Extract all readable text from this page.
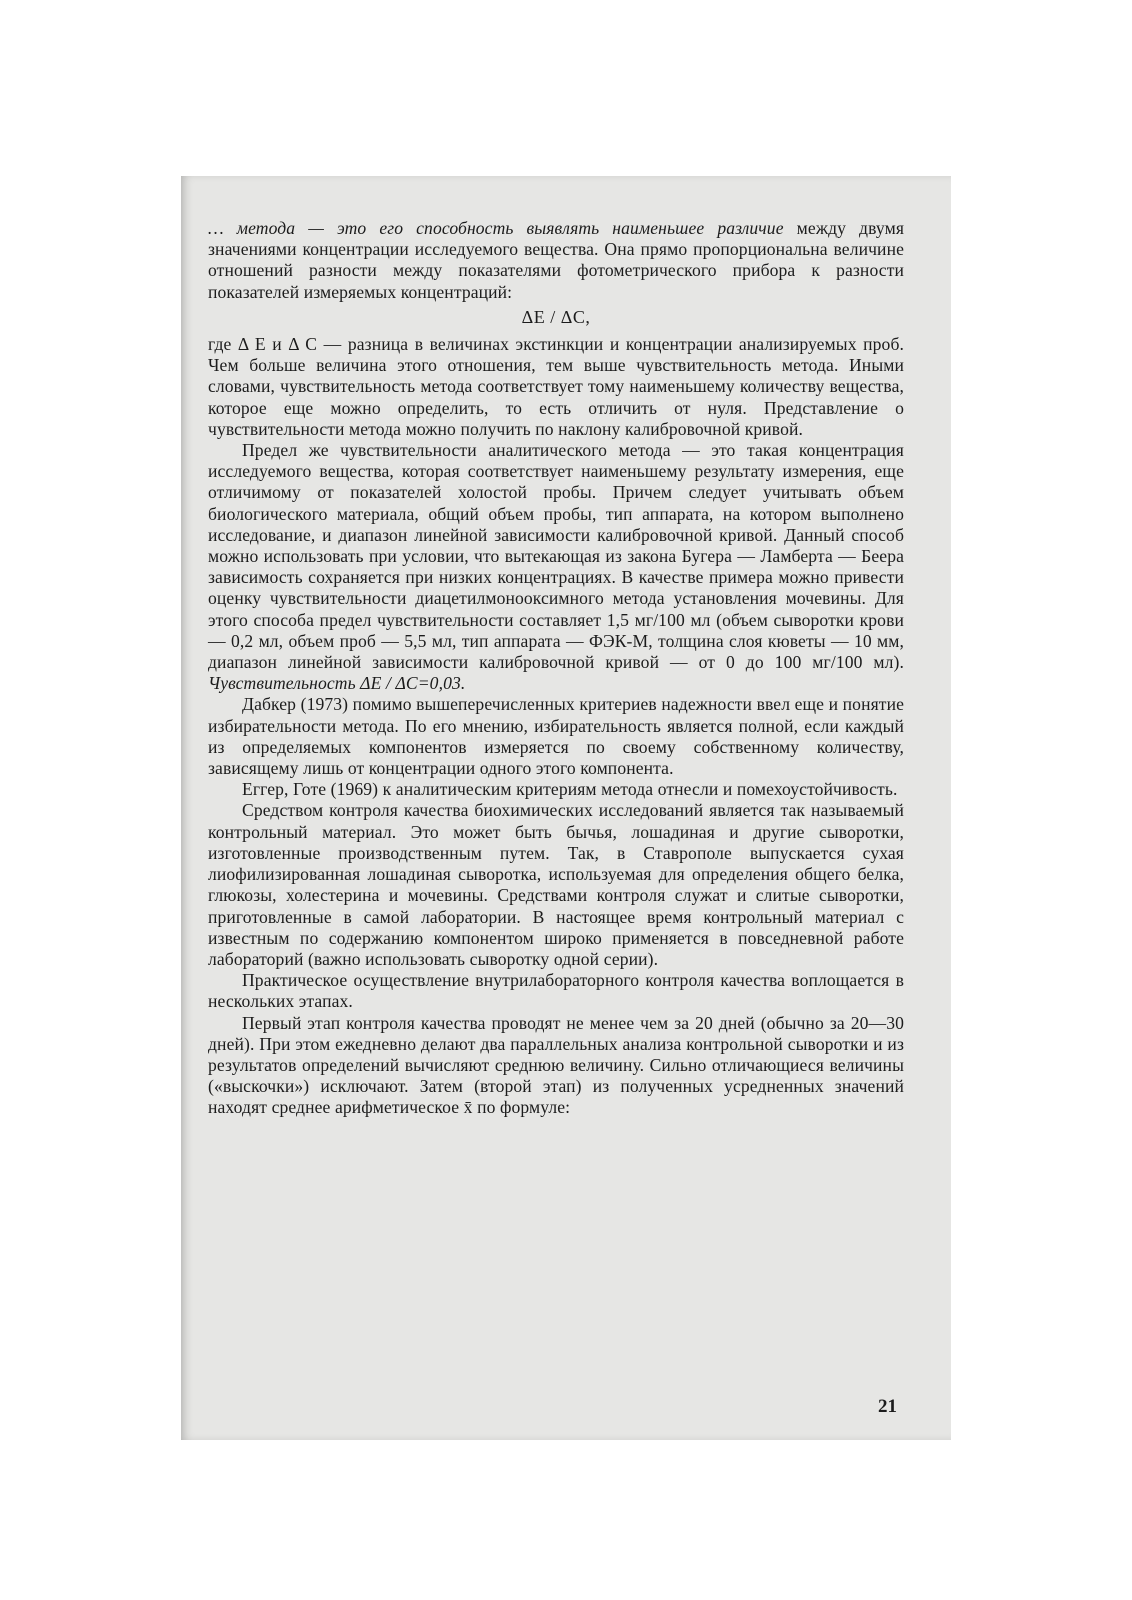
… метода — это его способность выявлять наименьшее различие между двумя значениями концентрации исследуемого вещества. Она прямо пропорциональна величине отношений разности между показателями фотометрического прибора к разности показателей измеряемых концентраций:

ΔE / ΔC,

где Δ E и Δ C — разница в величинах экстинкции и концентрации анализируемых проб. Чем больше величина этого отношения, тем выше чувствительность метода. Иными словами, чувствительность метода соответствует тому наименьшему количеству вещества, которое еще можно определить, то есть отличить от нуля. Представление о чувствительности метода можно получить по наклону калибровочной кривой.

Предел же чувствительности аналитического метода — это такая концентрация исследуемого вещества, которая соответствует наименьшему результату измерения, еще отличимому от показателей холостой пробы. Причем следует учитывать объем биологического материала, общий объем пробы, тип аппарата, на котором выполнено исследование, и диапазон линейной зависимости калибровочной кривой. Данный способ можно использовать при условии, что вытекающая из закона Бугера — Ламберта — Беера зависимость сохраняется при низких концентрациях. В качестве примера можно привести оценку чувствительности диацетилмонооксимного метода установления мочевины. Для этого способа предел чувствительности составляет 1,5 мг/100 мл (объем сыворотки крови — 0,2 мл, объем проб — 5,5 мл, тип аппарата — ФЭК-М, толщина слоя кюветы — 10 мм, диапазон линейной зависимости калибровочной кривой — от 0 до 100 мг/100 мл). Чувствительность ΔE / ΔC=0,03.

Дабкер (1973) помимо вышеперечисленных критериев надежности ввел еще и понятие избирательности метода. По его мнению, избирательность является полной, если каждый из определяемых компонентов измеряется по своему собственному количеству, зависящему лишь от концентрации одного этого компонента.

Еггер, Готе (1969) к аналитическим критериям метода отнесли и помехоустойчивость.

Средством контроля качества биохимических исследований является так называемый контрольный материал. Это может быть бычья, лошадиная и другие сыворотки, изготовленные производственным путем. Так, в Ставрополе выпускается сухая лиофилизированная лошадиная сыворотка, используемая для определения общего белка, глюкозы, холестерина и мочевины. Средствами контроля служат и слитые сыворотки, приготовленные в самой лаборатории. В настоящее время контрольный материал с известным по содержанию компонентом широко применяется в повседневной работе лабораторий (важно использовать сыворотку одной серии).

Практическое осуществление внутрилабораторного контроля качества воплощается в нескольких этапах.

Первый этап контроля качества проводят не менее чем за 20 дней (обычно за 20—30 дней). При этом ежедневно делают два параллельных анализа контрольной сыворотки и из результатов определений вычисляют среднюю величину. Сильно отличающиеся величины («выскочки») исключают. Затем (второй этап) из полученных усредненных значений находят среднее арифметическое x̄ по формуле:

21
